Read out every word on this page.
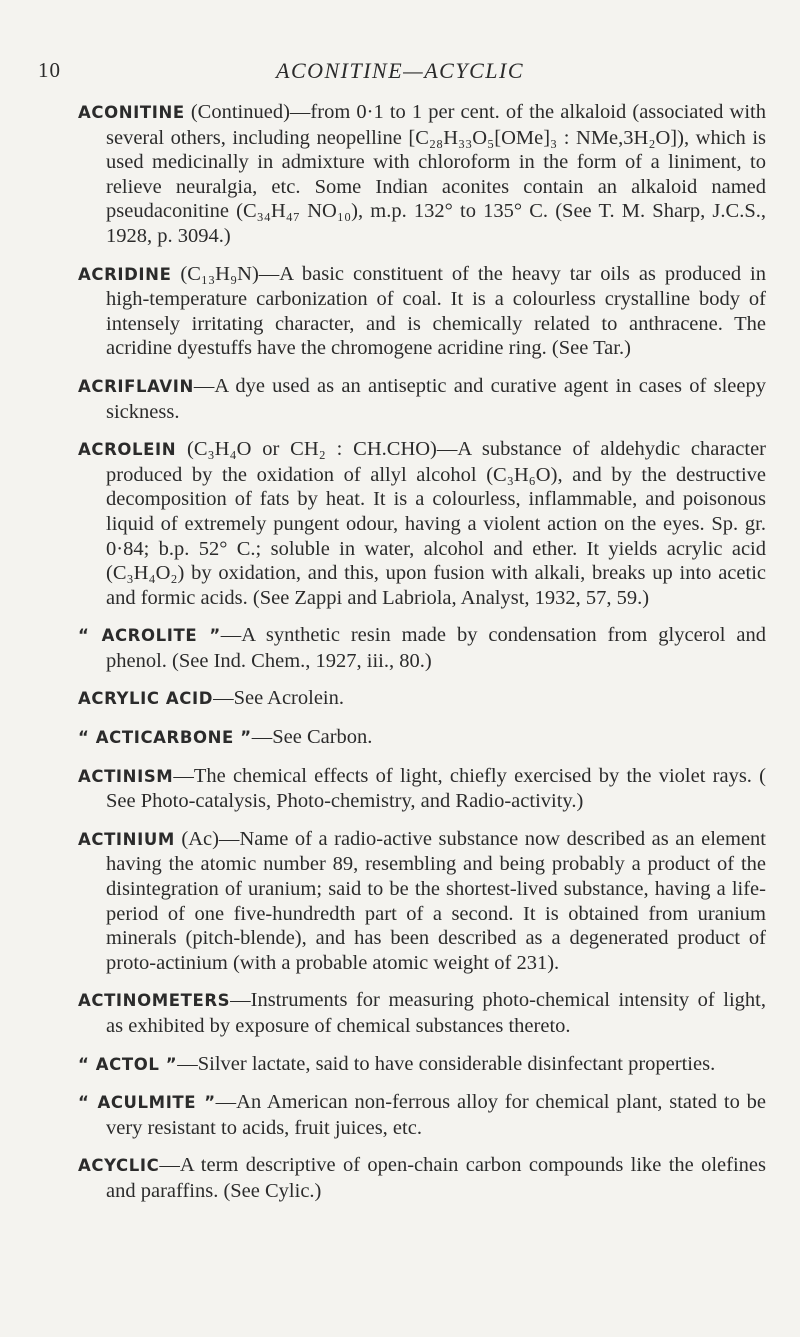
10	ACONITINE—ACYCLIC

ACONITINE (Continued)—from 0·1 to 1 per cent. of the alkaloid (associated with several others, including neopelline [C₂₈H₃₃O₅[OMe]₃ : NMe,3H₂O]), which is used medicinally in admixture with chloroform in the form of a liniment, to relieve neuralgia, etc. Some Indian aconites contain an alkaloid named pseudaconitine (C₃₄H₄₇ NO₁₀), m.p. 132° to 135° C. (See T. M. Sharp, J.C.S., 1928, p. 3094.)

ACRIDINE (C₁₃H₉N)—A basic constituent of the heavy tar oils as produced in high-temperature carbonization of coal. It is a colourless crystalline body of intensely irritating character, and is chemically related to anthracene. The acridine dyestuffs have the chromogene acridine ring. (See Tar.)

ACRIFLAVIN—A dye used as an antiseptic and curative agent in cases of sleepy sickness.

ACROLEIN (C₃H₄O or CH₂ : CH.CHO)—A substance of aldehydic character produced by the oxidation of allyl alcohol (C₃H₆O), and by the destructive decomposition of fats by heat. It is a colourless, inflammable, and poisonous liquid of extremely pungent odour, having a violent action on the eyes. Sp. gr. 0·84; b.p. 52° C.; soluble in water, alcohol and ether. It yields acrylic acid (C₃H₄O₂) by oxidation, and this, upon fusion with alkali, breaks up into acetic and formic acids. (See Zappi and Labriola, Analyst, 1932, 57, 59.)

“ ACROLITE ”—A synthetic resin made by condensation from glycerol and phenol. (See Ind. Chem., 1927, iii., 80.)

ACRYLIC ACID—See Acrolein.

“ ACTICARBONE ”—See Carbon.

ACTINISM—The chemical effects of light, chiefly exercised by the violet rays. ( See Photo-catalysis, Photo-chemistry, and Radio-activity.)

ACTINIUM (Ac)—Name of a radio-active substance now described as an element having the atomic number 89, resembling and being probably a product of the disintegration of uranium; said to be the shortest-lived substance, having a life-period of one five-hundredth part of a second. It is obtained from uranium minerals (pitch-blende), and has been described as a degenerated product of proto-actinium (with a probable atomic weight of 231).

ACTINOMETERS—Instruments for measuring photo-chemical intensity of light, as exhibited by exposure of chemical substances thereto.

“ ACTOL ”—Silver lactate, said to have considerable disinfectant properties.

“ ACULMITE ”—An American non-ferrous alloy for chemical plant, stated to be very resistant to acids, fruit juices, etc.

ACYCLIC—A term descriptive of open-chain carbon compounds like the olefines and paraffins. (See Cylic.)
